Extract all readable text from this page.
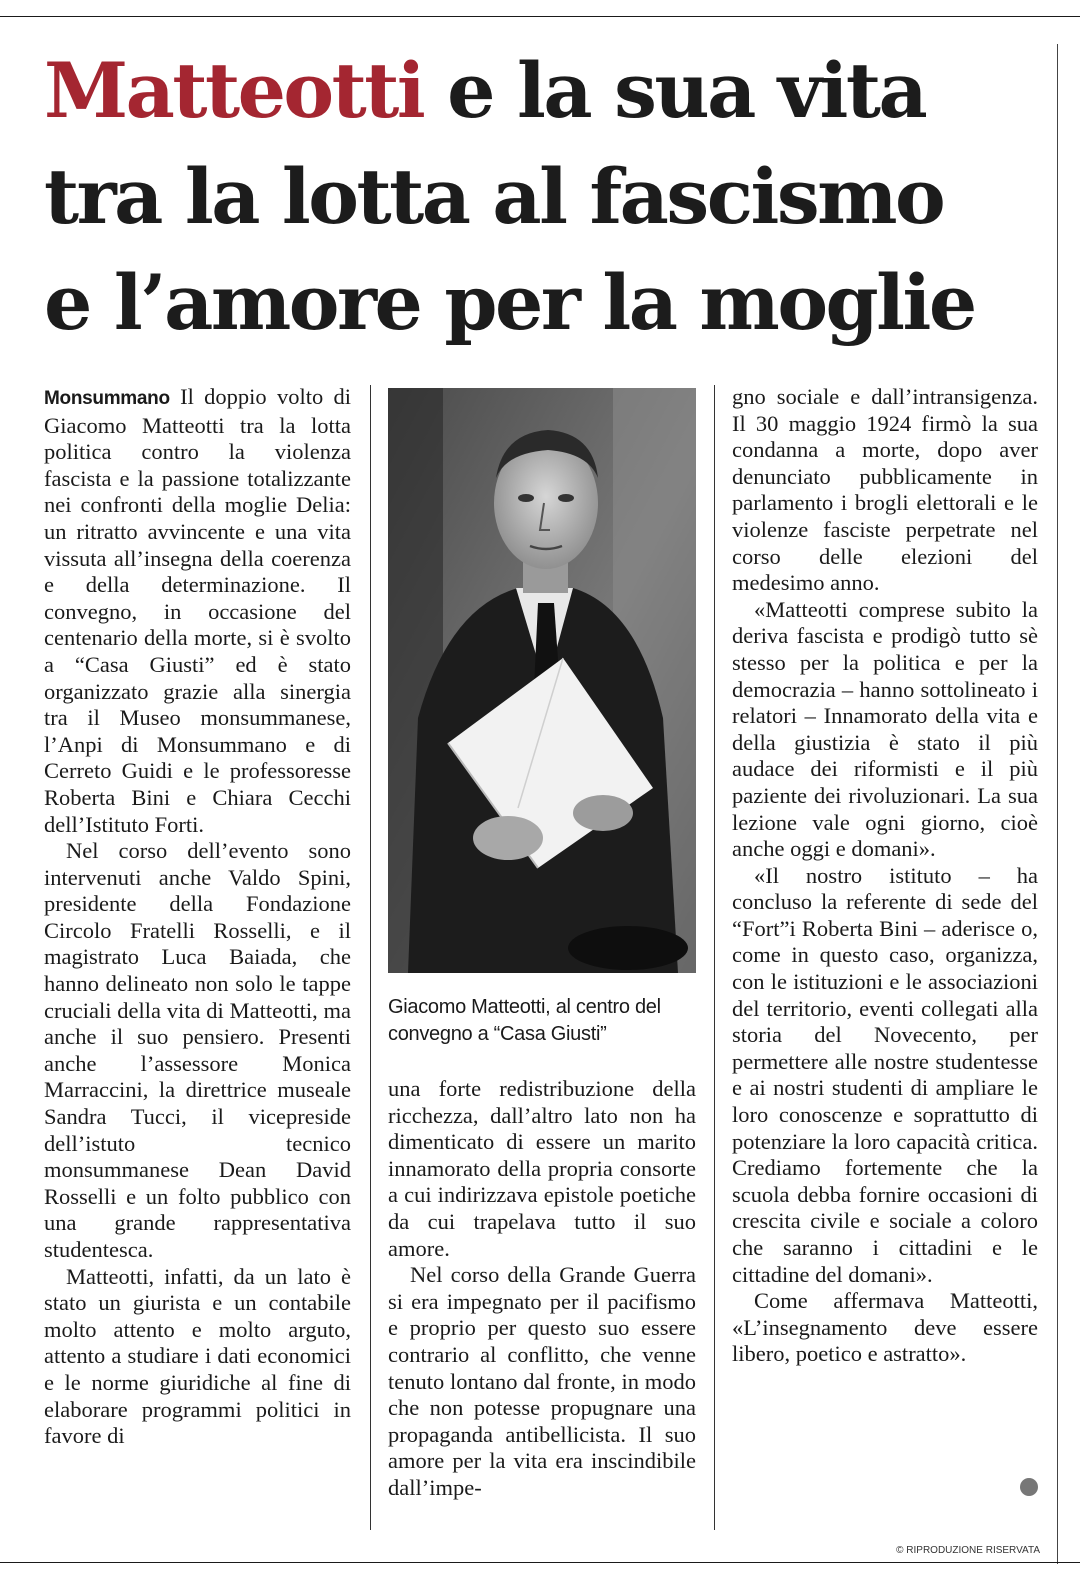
Matteotti e la sua vita
tra la lotta al fascismo
e l’amore per la moglie

Monsummano Il doppio volto di Giacomo Matteotti tra la lotta politica contro la violenza fascista e la passione totalizzante nei confronti della moglie Delia: un ritratto avvincente e una vita vissuta all’insegna della coerenza e della determinazione. Il convegno, in occasione del centenario della morte, si è svolto a “Casa Giusti” ed è stato organizzato grazie alla sinergia tra il Museo monsummanese, l’Anpi di Monsummano e di Cerreto Guidi e le professoresse Roberta Bini e Chiara Cecchi dell’Istituto Forti.

Nel corso dell’evento sono intervenuti anche Valdo Spini, presidente della Fondazione Circolo Fratelli Rosselli, e il magistrato Luca Baiada, che hanno delineato non solo le tappe cruciali della vita di Matteotti, ma anche il suo pensiero. Presenti anche l’assessore Monica Marraccini, la direttrice museale Sandra Tucci, il vicepreside dell’istuto tecnico monsummanese Dean David Rosselli e un folto pubblico con una grande rappresentativa studentesca.

Matteotti, infatti, da un lato è stato un giurista e un contabile molto attento e molto arguto, attento a studiare i dati economici e le norme giuridiche al fine di elaborare programmi politici in favore di

Giacomo Matteotti, al centro del convegno a “Casa Giusti”

una forte redistribuzione della ricchezza, dall’altro lato non ha dimenticato di essere un marito innamorato della propria consorte a cui indirizzava epistole poetiche da cui trapelava tutto il suo amore.

Nel corso della Grande Guerra si era impegnato per il pacifismo e proprio per questo suo essere contrario al conflitto, che venne tenuto lontano dal fronte, in modo che non potesse propugnare una propaganda antibellicista. Il suo amore per la vita era inscindibile dall’impe-

gno sociale e dall’intransigenza. Il 30 maggio 1924 firmò la sua condanna a morte, dopo aver denunciato pubblicamente in parlamento i brogli elettorali e le violenze fasciste perpetrate nel corso delle elezioni del medesimo anno.

«Matteotti comprese subito la deriva fascista e prodigò tutto sè stesso per la politica e per la democrazia – hanno sottolineato i relatori – Innamorato della vita e della giustizia è stato il più audace dei riformisti e il più paziente dei rivoluzionari. La sua lezione vale ogni giorno, cioè anche oggi e domani».

«Il nostro istituto – ha concluso la referente di sede del “Fort”i Roberta Bini – aderisce o, come in questo caso, organizza, con le istituzioni e le associazioni del territorio, eventi collegati alla storia del Novecento, per permettere alle nostre studentesse e ai nostri studenti di ampliare le loro conoscenze e soprattutto di potenziare la loro capacità critica. Crediamo fortemente che la scuola debba fornire occasioni di crescita civile e sociale a coloro che saranno i cittadini e le cittadine del domani».

Come affermava Matteotti, «L’insegnamento deve essere libero, poetico e astratto».

© RIPRODUZIONE RISERVATA
